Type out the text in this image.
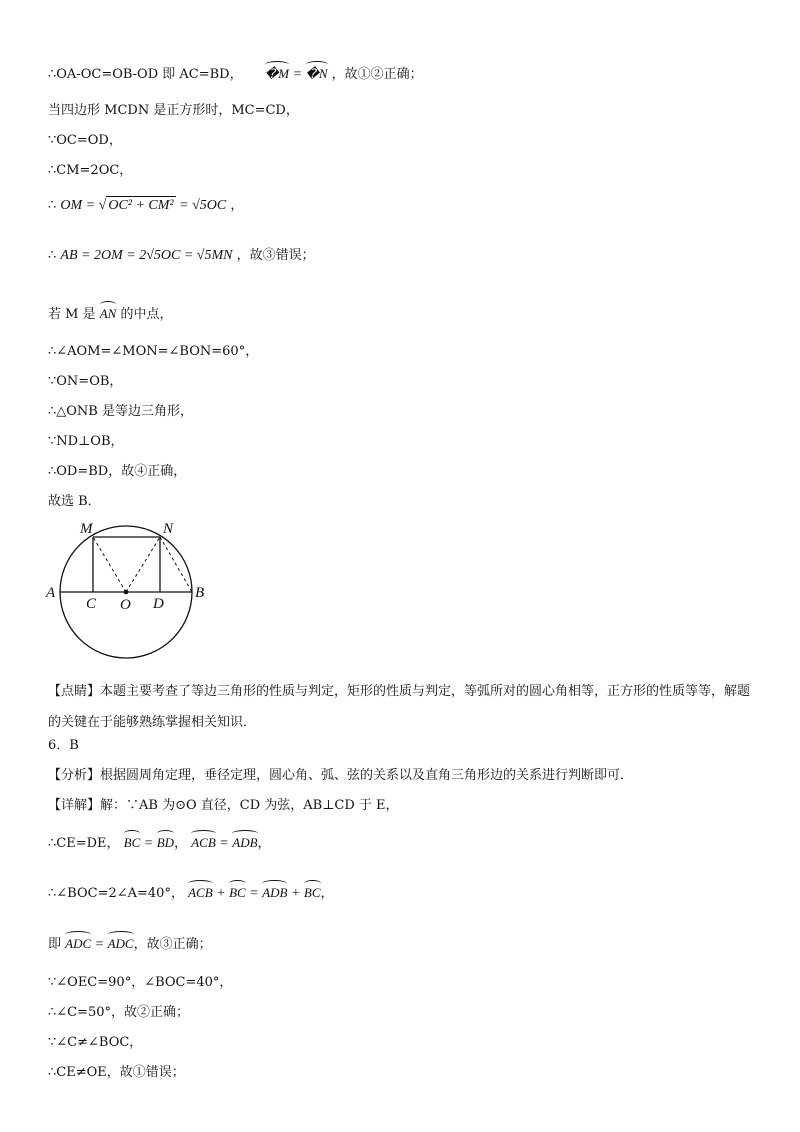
∴OA-OC=OB-OD 即 AC=BD， �M = �N ，故①②正确；
当四边形 MCDN 是正方形时，MC=CD，
∵OC=OD，
∴CM=2OC，
∴ OM = √ OC² + CM² = √5OC ，
∴ AB = 2OM = 2√5OC = √5MN ，故③错误；
若 M 是 AN 的中点，
∴∠AOM=∠MON=∠BON=60°，
∵ON=OB，
∴△ONB 是等边三角形，
∵ND⊥OB，
∴OD=BD，故④正确，
故选 B．
M	N
A
C O D
B
【点睛】本题主要考查了等边三角形的性质与判定，矩形的性质与判定，等弧所对的圆心角相等，正方形的性质等等，解题的关键在于能够熟练掌握相关知识．
6．B
【分析】根据圆周角定理，垂径定理，圆心角、弧、弦的关系以及直角三角形边的关系进行判断即可．
【详解】解：∵AB 为⊙O 直径，CD 为弦，AB⊥CD 于 E，
∴CE=DE， BC = BD， ACB = ADB，
∴∠BOC=2∠A=40°， ACB + BC = ADB + BC，
即 ADC = ADC，故③正确；
∵∠OEC=90°，∠BOC=40°，
∴∠C=50°，故②正确；
∵∠C≠∠BOC，
∴CE≠OE，故①错误；
